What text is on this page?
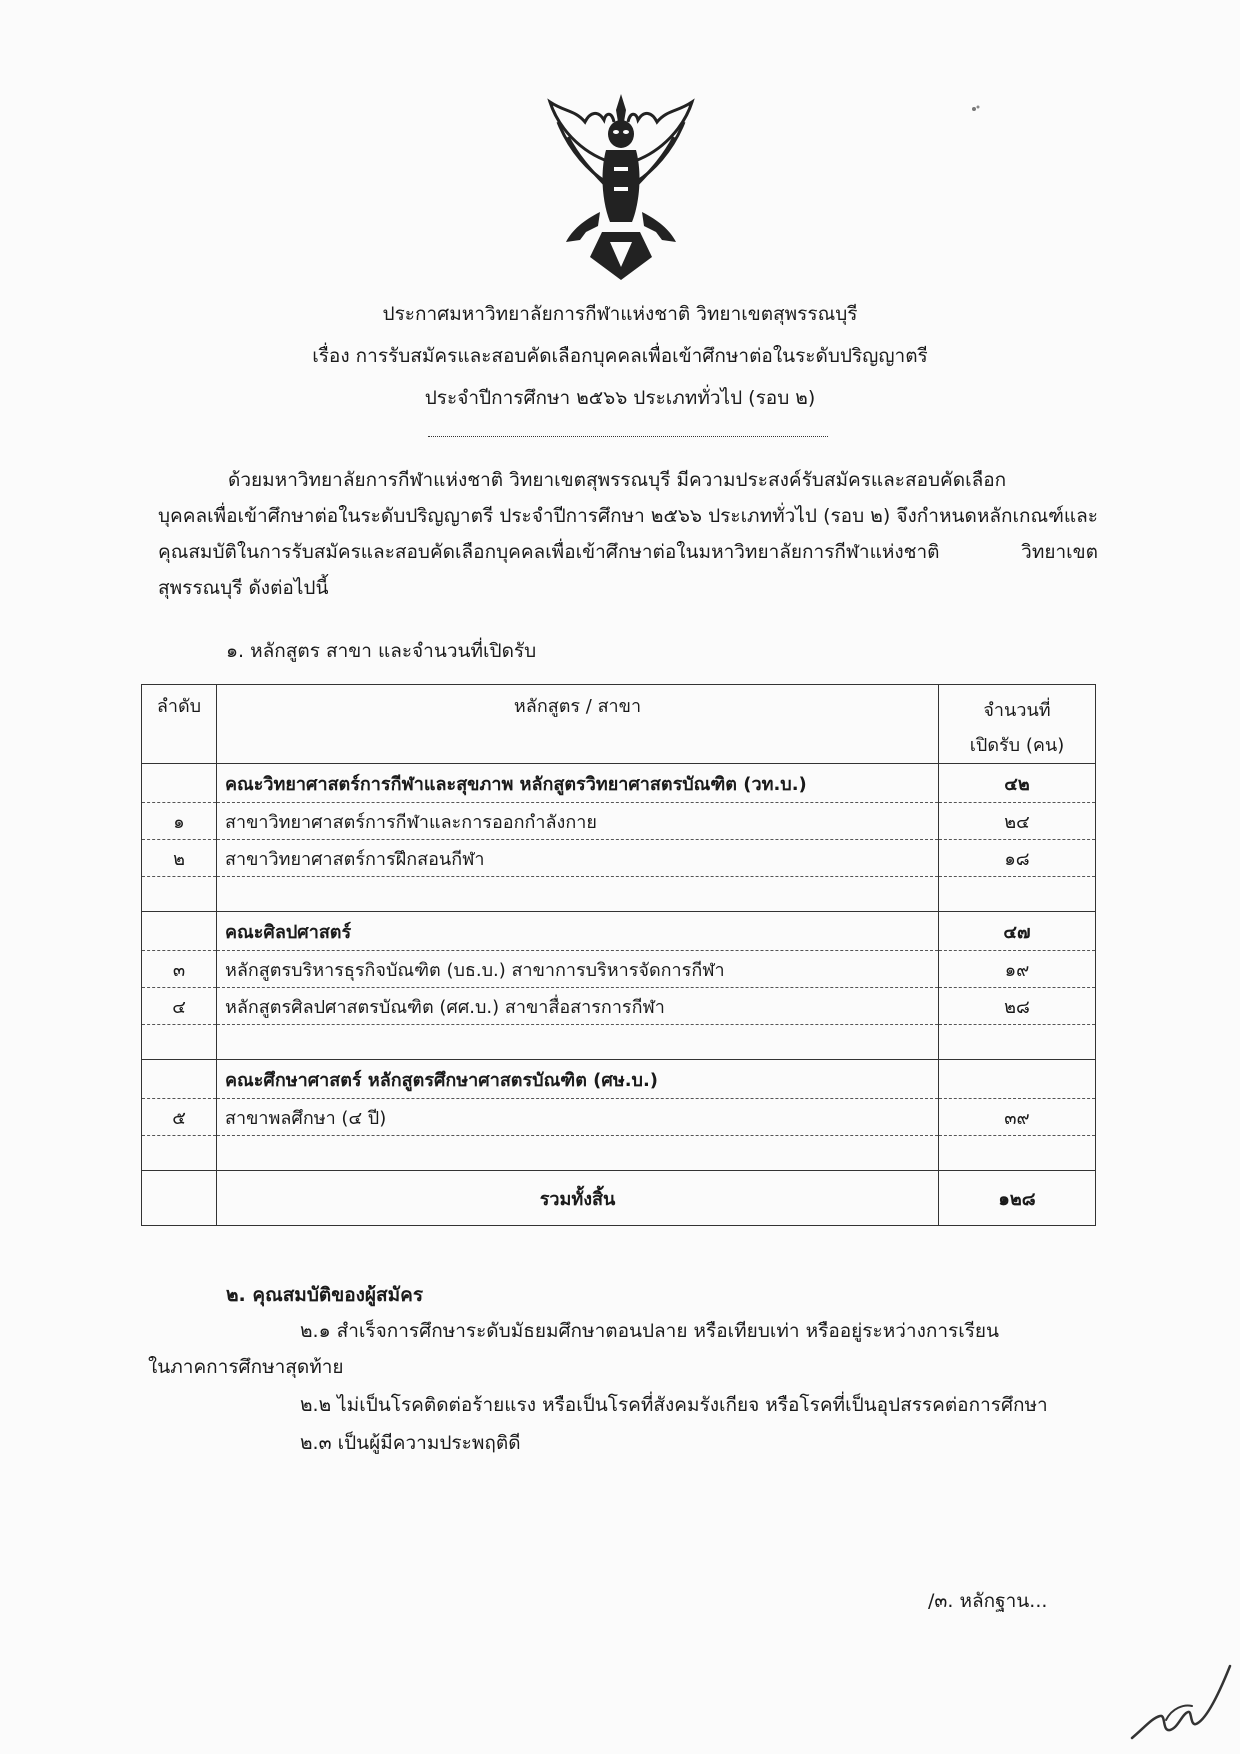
ประกาศมหาวิทยาลัยการกีฬาแห่งชาติ วิทยาเขตสุพรรณบุรี
เรื่อง การรับสมัครและสอบคัดเลือกบุคคลเพื่อเข้าศึกษาต่อในระดับปริญญาตรี
ประจำปีการศึกษา ๒๕๖๖ ประเภททั่วไป (รอบ ๒)
ด้วยมหาวิทยาลัยการกีฬาแห่งชาติ วิทยาเขตสุพรรณบุรี มีความประสงค์รับสมัครและสอบคัดเลือก
บุคคลเพื่อเข้าศึกษาต่อในระดับปริญญาตรี ประจำปีการศึกษา ๒๕๖๖ ประเภททั่วไป (รอบ ๒) จึงกำหนดหลักเกณฑ์และคุณสมบัติในการรับสมัครและสอบคัดเลือกบุคคลเพื่อเข้าศึกษาต่อในมหาวิทยาลัยการกีฬาแห่งชาติ วิทยาเขตสุพรรณบุรี ดังต่อไปนี้
๑. หลักสูตร สาขา และจำนวนที่เปิดรับ
ลำดับ	หลักสูตร / สาขา	จำนวนที่
เปิดรับ (คน)

	คณะวิทยาศาสตร์การกีฬาและสุขภาพ หลักสูตรวิทยาศาสตรบัณฑิต (วท.บ.)	๔๒
๑	สาขาวิทยาศาสตร์การกีฬาและการออกกำลังกาย	๒๔
๒	สาขาวิทยาศาสตร์การฝึกสอนกีฬา	๑๘

	คณะศิลปศาสตร์	๔๗
๓	หลักสูตรบริหารธุรกิจบัณฑิต (บธ.บ.) สาขาการบริหารจัดการกีฬา	๑๙
๔	หลักสูตรศิลปศาสตรบัณฑิต (ศศ.บ.) สาขาสื่อสารการกีฬา	๒๘

	คณะศึกษาศาสตร์ หลักสูตรศึกษาศาสตรบัณฑิต (ศษ.บ.)	
๕	สาขาพลศึกษา (๔ ปี)	๓๙

	รวมทั้งสิ้น	๑๒๘
๒. คุณสมบัติของผู้สมัคร
๒.๑ สำเร็จการศึกษาระดับมัธยมศึกษาตอนปลาย หรือเทียบเท่า หรืออยู่ระหว่างการเรียน
ในภาคการศึกษาสุดท้าย
๒.๒ ไม่เป็นโรคติดต่อร้ายแรง หรือเป็นโรคที่สังคมรังเกียจ หรือโรคที่เป็นอุปสรรคต่อการศึกษา
๒.๓ เป็นผู้มีความประพฤติดี
/๓. หลักฐาน...
